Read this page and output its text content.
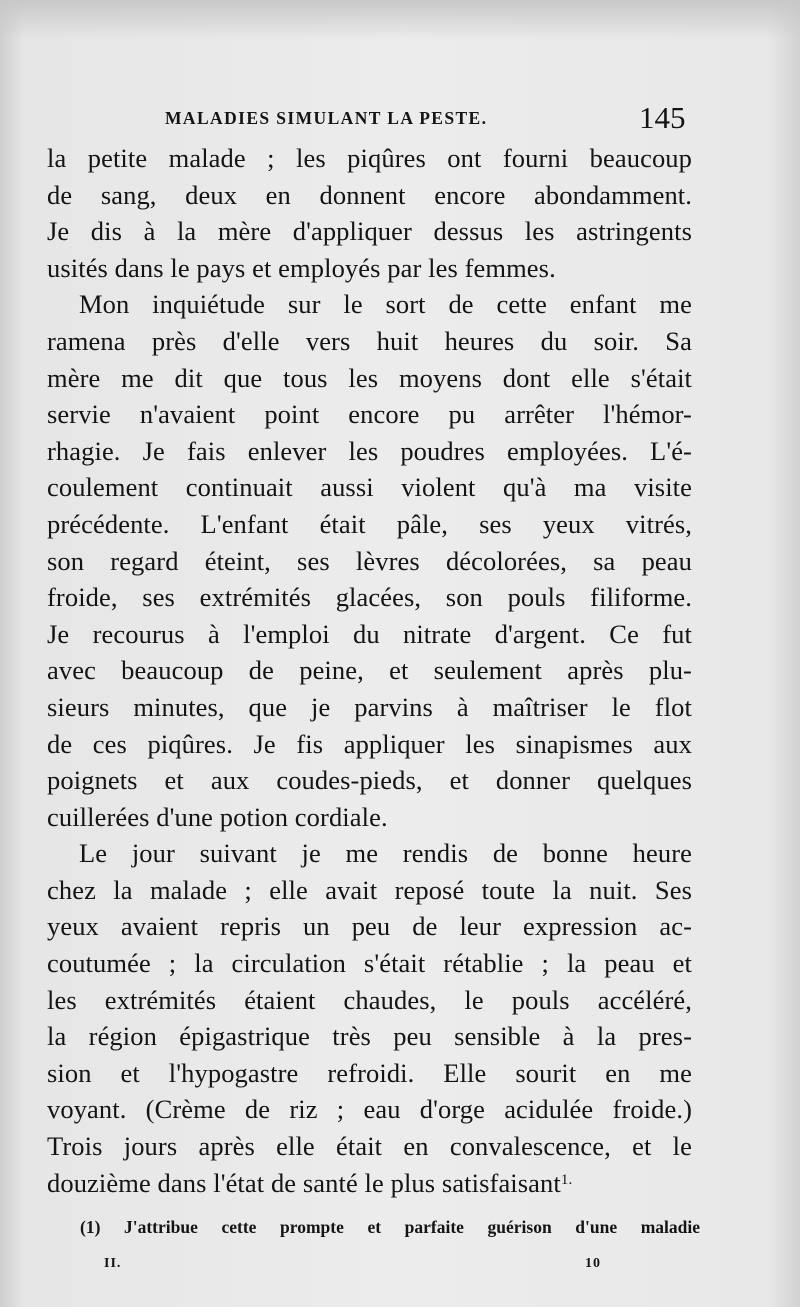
MALADIES SIMULANT LA PESTE.	145
la petite malade ; les piqûres ont fourni beaucoup
de sang, deux en donnent encore abondamment.
Je dis à la mère d'appliquer dessus les astringents
usités dans le pays et employés par les femmes.
Mon inquiétude sur le sort de cette enfant me
ramena près d'elle vers huit heures du soir. Sa
mère me dit que tous les moyens dont elle s'était
servie n'avaient point encore pu arrêter l'hémor-
rhagie. Je fais enlever les poudres employées. L'é-
coulement continuait aussi violent qu'à ma visite
précédente. L'enfant était pâle, ses yeux vitrés,
son regard éteint, ses lèvres décolorées, sa peau
froide, ses extrémités glacées, son pouls filiforme.
Je recourus à l'emploi du nitrate d'argent. Ce fut
avec beaucoup de peine, et seulement après plu-
sieurs minutes, que je parvins à maîtriser le flot
de ces piqûres. Je fis appliquer les sinapismes aux
poignets et aux coudes-pieds, et donner quelques
cuillerées d'une potion cordiale.
Le jour suivant je me rendis de bonne heure
chez la malade ; elle avait reposé toute la nuit. Ses
yeux avaient repris un peu de leur expression ac-
coutumée ; la circulation s'était rétablie ; la peau et
les extrémités étaient chaudes, le pouls accéléré,
la région épigastrique très peu sensible à la pres-
sion et l'hypogastre refroidi. Elle sourit en me
voyant. (Crème de riz ; eau d'orge acidulée froide.)
Trois jours après elle était en convalescence, et le
douzième dans l'état de santé le plus satisfaisant$^{1.}$
(1) J'attribue cette prompte et parfaite guérison d'une maladie
II.	10
